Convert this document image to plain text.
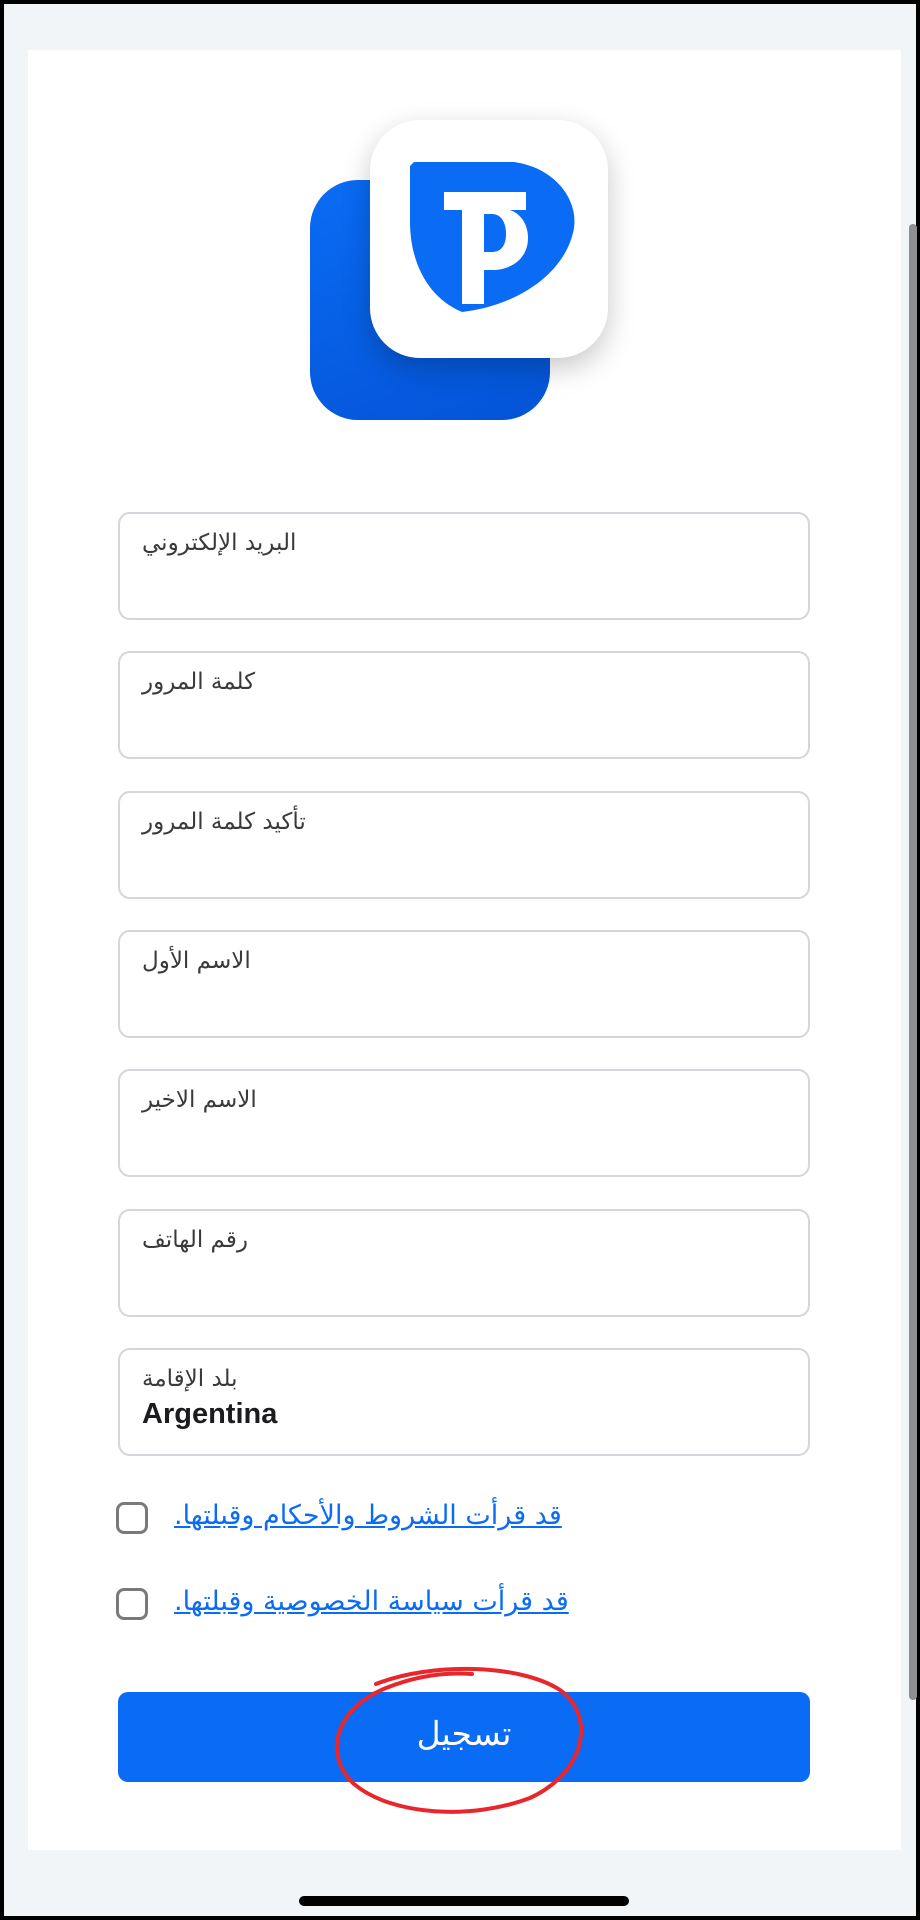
البريد الإلكتروني
كلمة المرور
تأكيد كلمة المرور
الاسم الأول
الاسم الاخير
رقم الهاتف
بلد الإقامة
Argentina
قد قرأت الشروط والأحكام وقبلتها.
قد قرأت سياسة الخصوصية وقبلتها.
تسجيل
